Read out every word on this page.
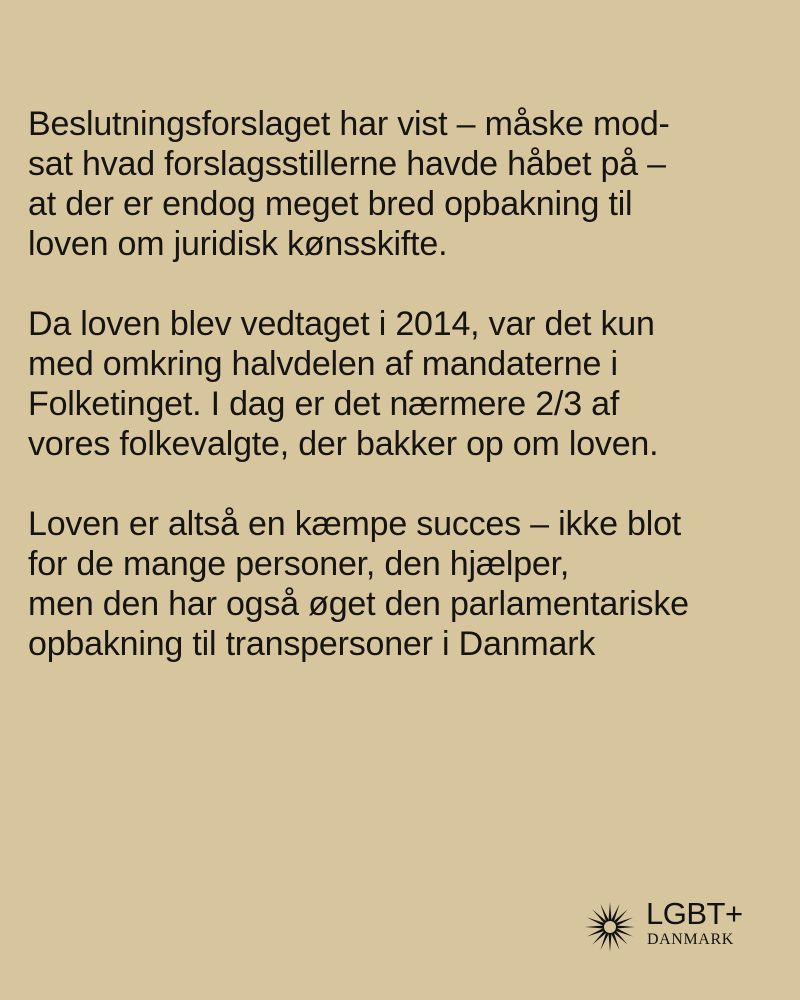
Beslutningsforslaget har vist – måske mod-
sat hvad forslagsstillerne havde håbet på –
at der er endog meget bred opbakning til
loven om juridisk kønsskifte.
Da loven blev vedtaget i 2014, var det kun
med omkring halvdelen af mandaterne i
Folketinget. I dag er det nærmere 2/3 af
vores folkevalgte, der bakker op om loven.
Loven er altså en kæmpe succes – ikke blot
for de mange personer, den hjælper,
men den har også øget den parlamentariske
opbakning til transpersoner i Danmark
LGBT+
DANMARK
